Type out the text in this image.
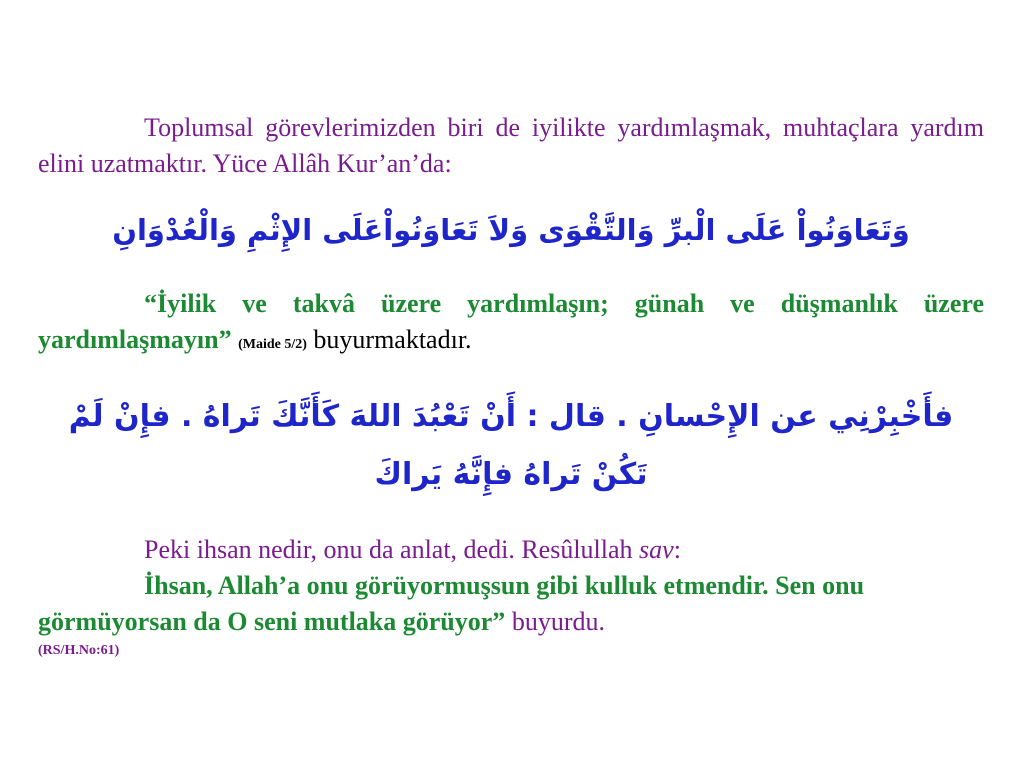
Toplumsal görevlerimizden biri de iyilikte yardımlaşmak, muhtaçlara yardım elini uzatmaktır. Yüce Allâh Kur’an’da:
وَتَعَاوَنُواْ عَلَى الْبرِّ وَالتَّقْوَى وَلاَ تَعَاوَنُواْعَلَى الإِثْمِ وَالْعُدْوَانِ
“İyilik ve takvâ üzere yardımlaşın; günah ve düşmanlık üzere yardımlaşmayın” (Maide 5/2) buyurmaktadır.
فأَخْبِرْنِي عن الإِحْسانِ . قال : أَنْ تَعْبُدَ اللهَ كَأَنَّكَ تَراهُ . فإِنْ لَمْ تَكُنْ تَراهُ فإِنَّهُ يَراكَ
Peki ihsan nedir, onu da anlat, dedi. Resûlullah sav:
İhsan, Allah’a onu görüyormuşsun gibi kulluk etmendir. Sen onu görmüyorsan da O seni mutlaka görüyor” buyurdu.
(RS/H.No:61)
